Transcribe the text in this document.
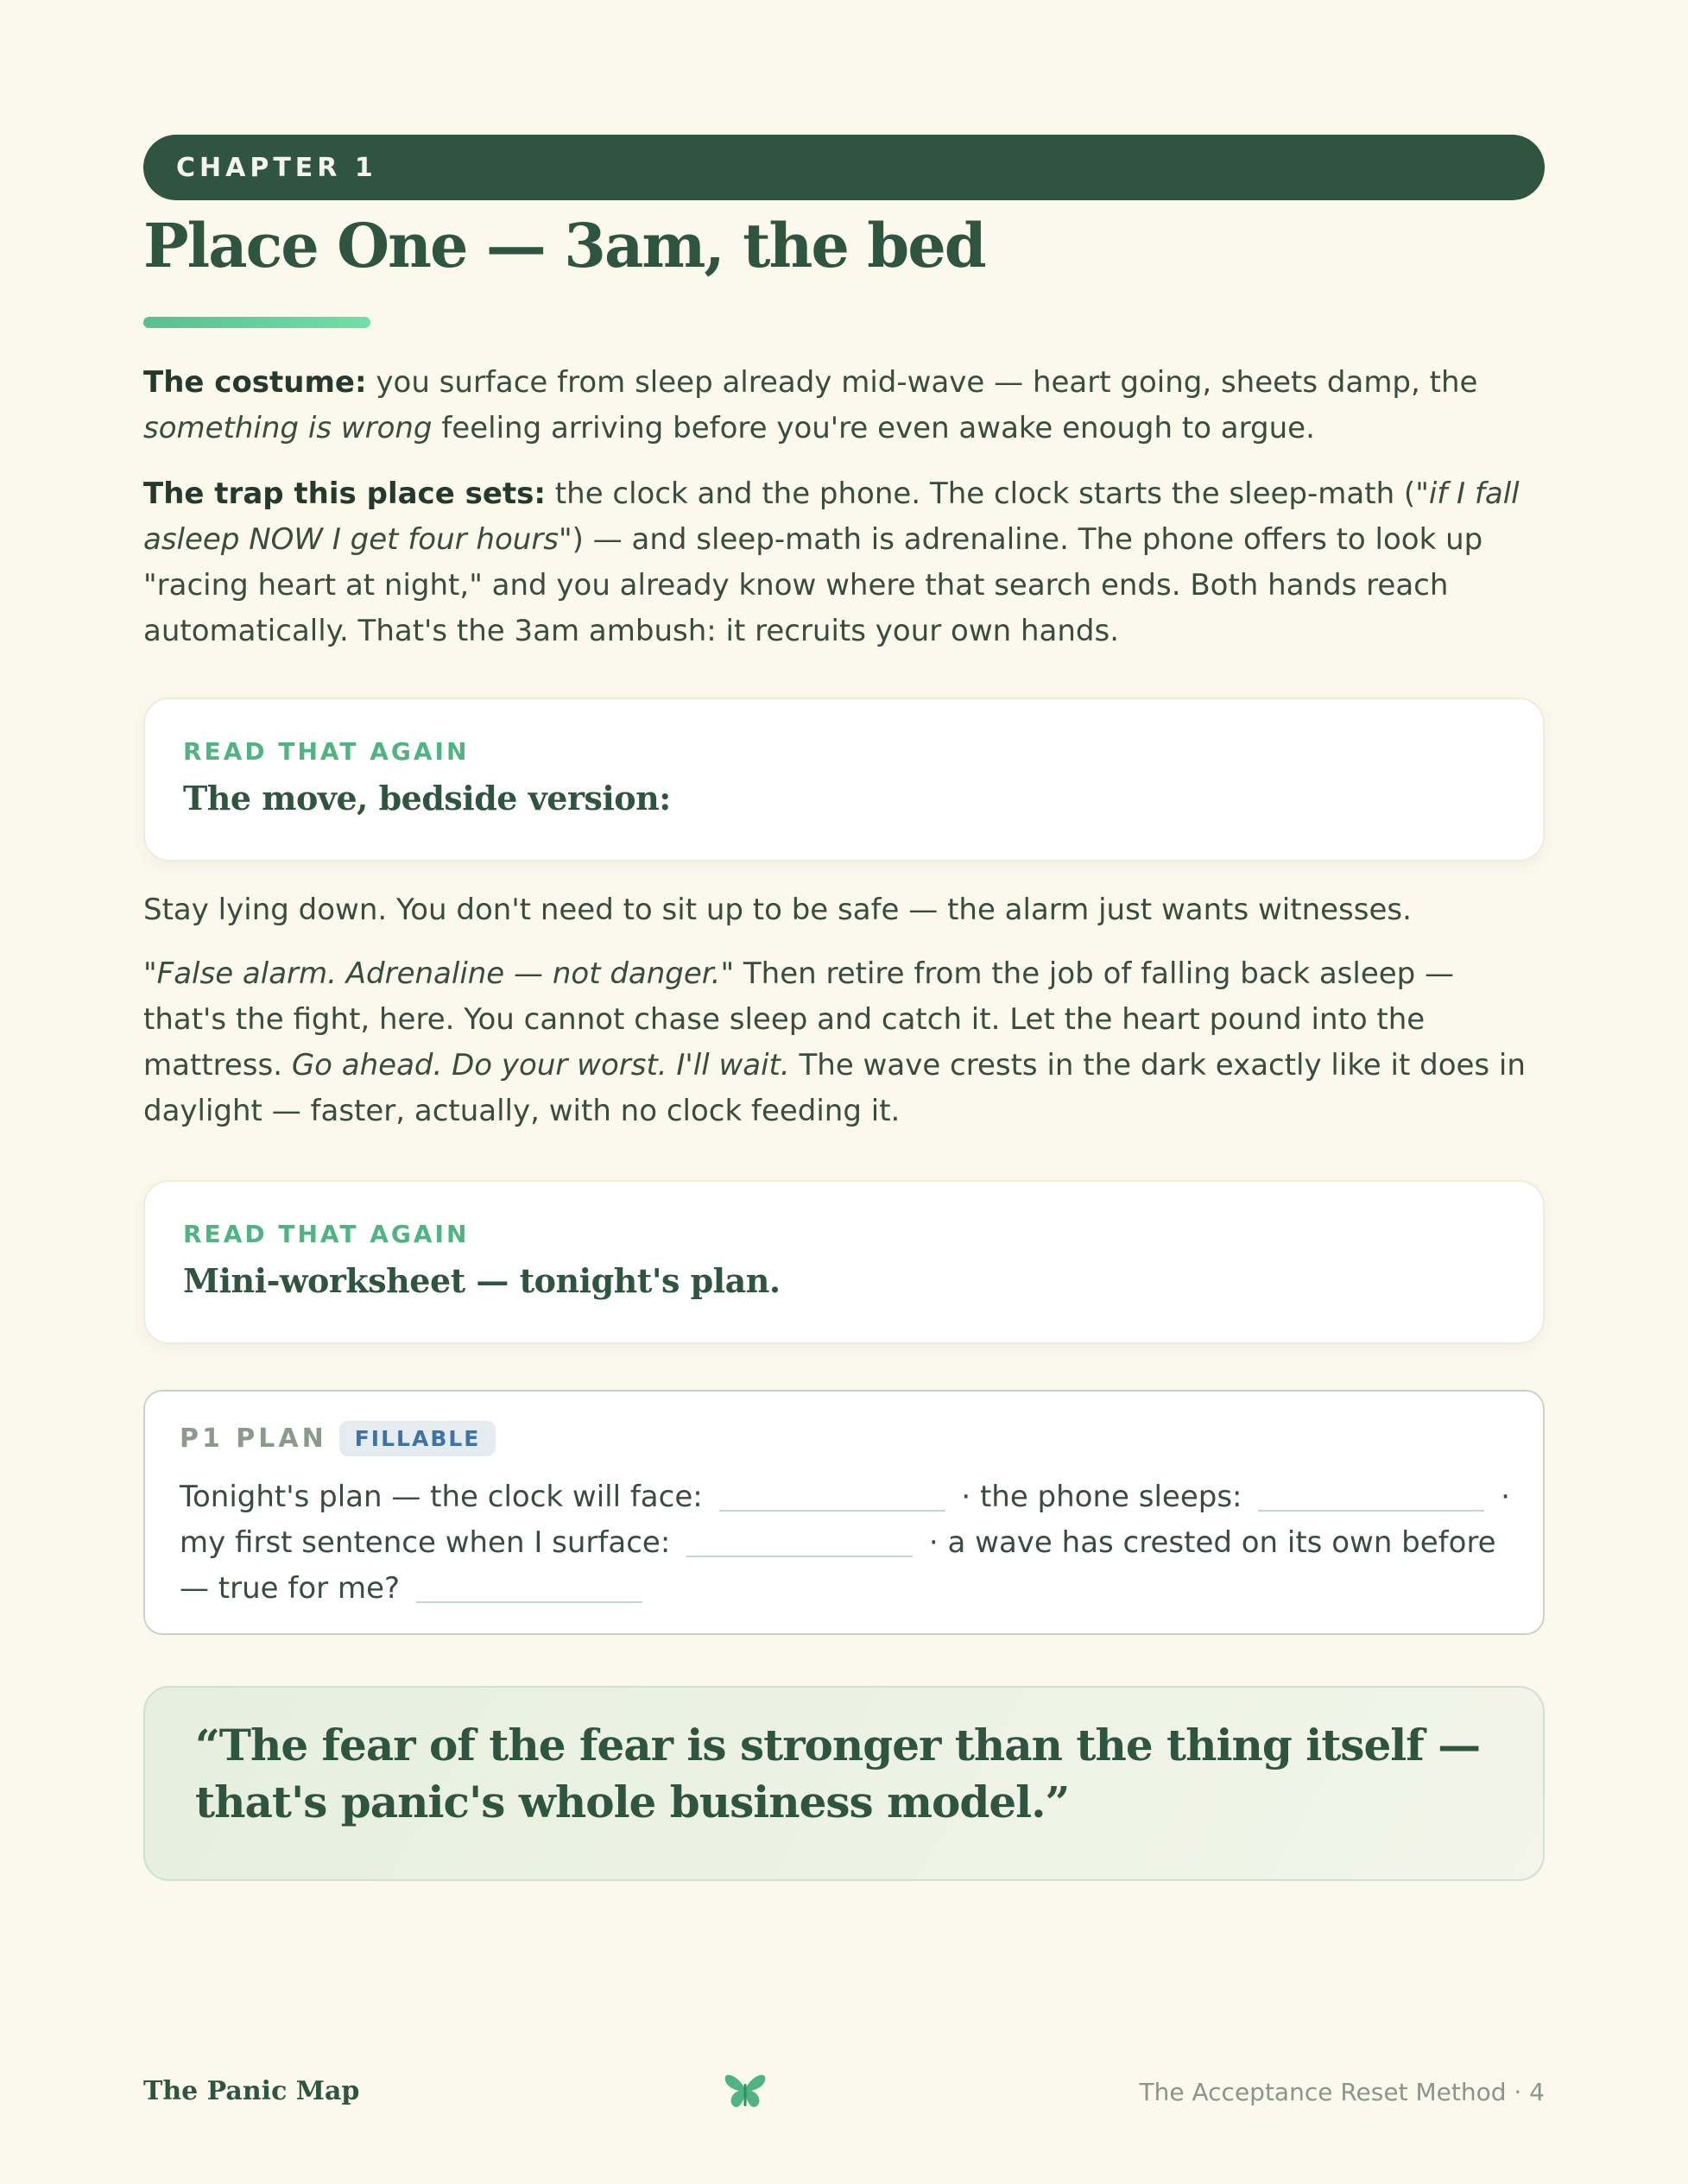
CHAPTER 1
Place One — 3am, the bed

The costume: you surface from sleep already mid-wave — heart going, sheets damp, the something is wrong feeling arriving before you're even awake enough to argue.

The trap this place sets: the clock and the phone. The clock starts the sleep-math ("if I fall asleep NOW I get four hours") — and sleep-math is adrenaline. The phone offers to look up "racing heart at night," and you already know where that search ends. Both hands reach automatically. That's the 3am ambush: it recruits your own hands.

READ THAT AGAIN
The move, bedside version:

Stay lying down. You don't need to sit up to be safe — the alarm just wants witnesses.

"False alarm. Adrenaline — not danger." Then retire from the job of falling back asleep — that's the fight, here. You cannot chase sleep and catch it. Let the heart pound into the mattress. Go ahead. Do your worst. I'll wait. The wave crests in the dark exactly like it does in daylight — faster, actually, with no clock feeding it.

READ THAT AGAIN
Mini-worksheet — tonight's plan.
P1 PLAN	FILLABLE
Tonight's plan — the clock will face:	· the phone sleeps:	· my first sentence when I surface:	· a wave has crested on its own before — true for me?

“The fear of the fear is stronger than the thing itself — that's panic's whole business model.”

The Panic Map	The Acceptance Reset Method · 4
